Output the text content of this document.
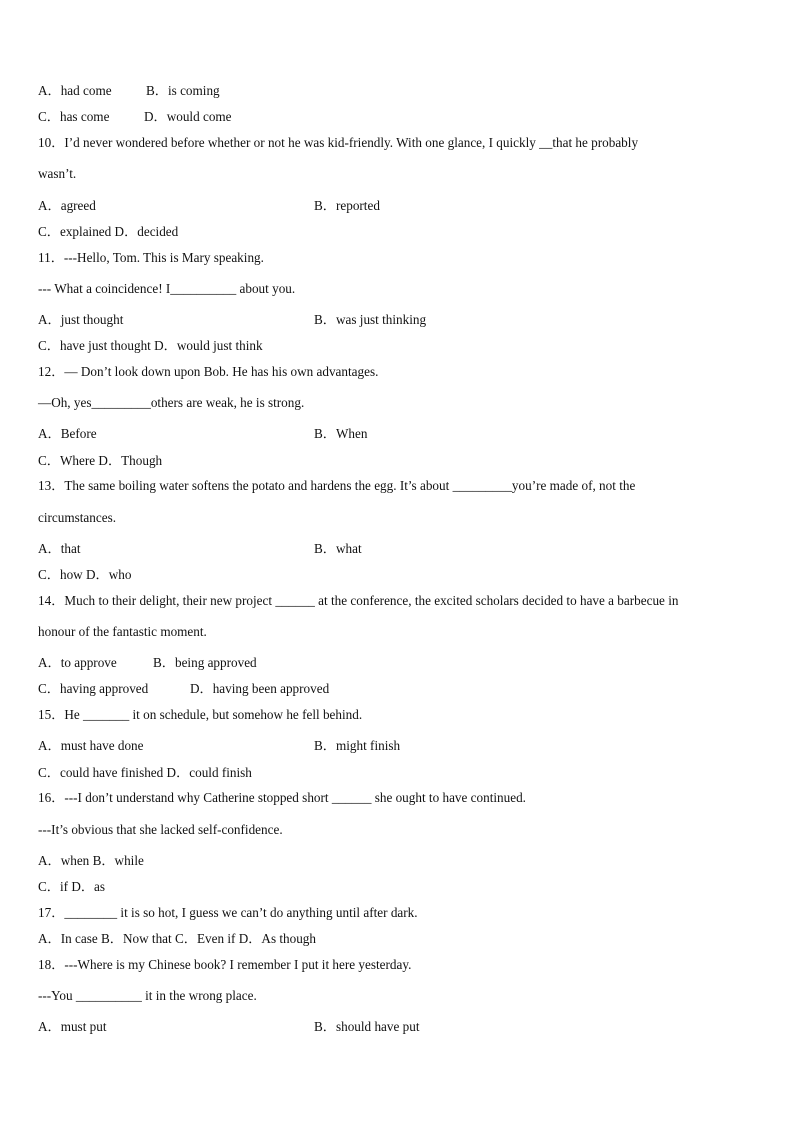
A．had come	B．is coming
C．has come	D．would come
10．I’d never wondered before whether or not he was kid-friendly. With one glance, I quickly __that he probably
wasn’t.
A．agreed	B．reported
C．explained D．decided
11．---Hello, Tom. This is Mary speaking.
--- What a coincidence! I__________ about you.
A．just thought	B．was just thinking
C．have just thought D．would just think
12．— Don’t look down upon Bob. He has his own advantages.
—Oh, yes_________others are weak, he is strong.
A．Before	B．When
C．Where D．Though
13．The same boiling water softens the potato and hardens the egg. It’s about _________you’re made of, not the
circumstances.
A．that	B．what
C．how D．who
14．Much to their delight, their new project ______ at the conference, the excited scholars decided to have a barbecue in
honour of the fantastic moment.
A．to approve	B．being approved
C．having approved	D．having been approved
15．He _______ it on schedule, but somehow he fell behind.
A．must have done	B．might finish
C．could have finished D．could finish
16．---I don’t understand why Catherine stopped short ______ she ought to have continued.
---It’s obvious that she lacked self-confidence.
A．when B．while
C．if D．as
17．________ it is so hot, I guess we can’t do anything until after dark.
A．In case B．Now that C．Even if D．As though
18．---Where is my Chinese book? I remember I put it here yesterday.
---You __________ it in the wrong place.
A．must put	B．should have put
